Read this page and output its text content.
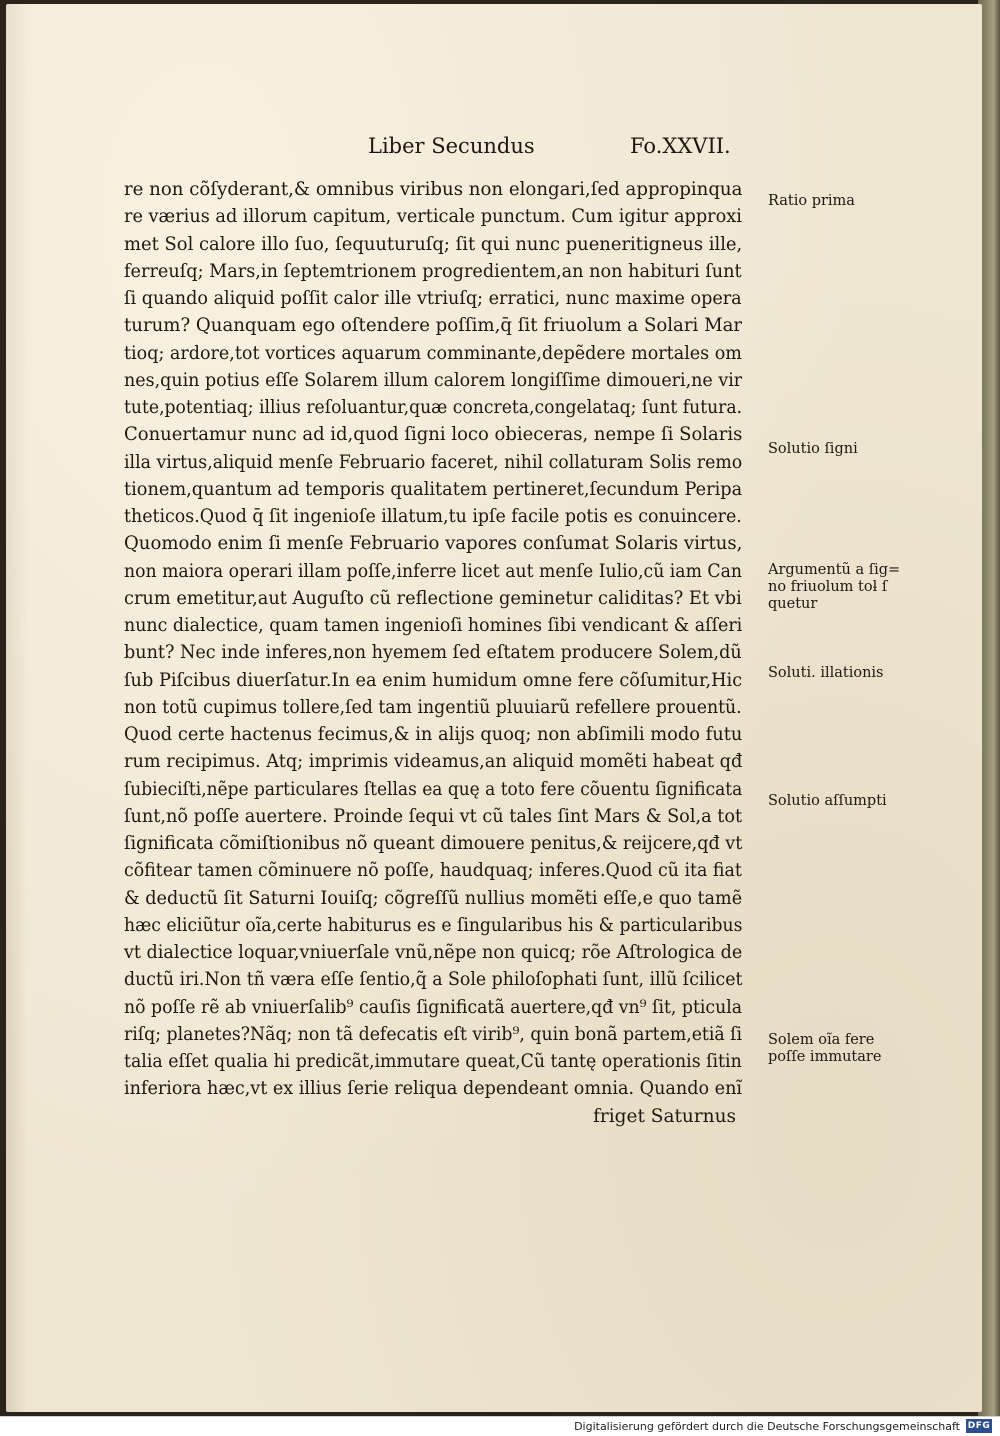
Liber Secundus	Fo.XXVII.
re non cõſyderant,& omnibus viribus non elongari,ſed appropinqua
re vӕrius ad illorum capitum, verticale punctum. Cum igitur approxi
met Sol calore illo ſuo, ſequuturuſq; ſit qui nunc pueneritigneus ille,
ferreuſq; Mars,in ſeptemtrionem progredientem,an non habituri ſunt
ſi quando aliquid poſſit calor ille vtriuſq; erratici, nunc maxime opera
turum? Quanquam ego oſtendere poſſim,q̄ ſit friuolum a Solari Mar
tioq; ardore,tot vortices aquarum comminante,depẽdere mortales om
nes,quin potius eſſe Solarem illum calorem longiſſime dimoueri,ne vir
tute,potentiaq; illius reſoluantur,quӕ concreta,congelataq; ſunt futura.
Conuertamur nunc ad id,quod ſigni loco obieceras, nempe ſi Solaris
illa virtus,aliquid menſe Februario faceret, nihil collaturam Solis remo
tionem,quantum ad temporis qualitatem pertineret,ſecundum Peripa
theticos.Quod q̄ ſit ingenioſe illatum,tu ipſe facile potis es conuincere.
Quomodo enim ſi menſe Februario vapores conſumat Solaris virtus,
non maiora operari illam poſſe,inferre licet aut menſe Iulio,cũ iam Can
crum emetitur,aut Auguſto cũ reflectione geminetur caliditas? Et vbi
nunc dialectice, quam tamen ingenioſi homines ſibi vendicant & aſſeri
bunt? Nec inde inferes,non hyemem ſed eſtatem producere Solem,dũ
ſub Piſcibus diuerſatur.In ea enim humidum omne fere cõſumitur,Hic
non totũ cupimus tollere,ſed tam ingentiũ pluuiarũ refellere prouentũ.
Quod certe hactenus fecimus,& in alijs quoq; non abſimili modo futu
rum recipimus. Atq; imprimis videamus,an aliquid momẽti habeat qđ
ſubieciſti,nẽpe particulares ſtellas ea quę a toto fere cõuentu ſignificata
ſunt,nõ poſſe auertere. Proinde ſequi vt cũ tales ſint Mars & Sol,a tot
ſignificata cõmiſtionibus nõ queant dimouere penitus,& reijcere,qđ vt
cõfitear tamen cõminuere nõ poſſe, haudquaq; inferes.Quod cũ ita fiat
& deductũ ſit Saturni Iouiſq; cõgreſſũ nullius momẽti eſſe,e quo tamẽ
hӕc eliciũtur oĩa,certe habiturus es e ſingularibus his & particularibus
vt dialectice loquar,vniuerſale vnũ,nẽpe non quicq; rõe Aſtrologica de
ductũ iri.Non tñ vӕra eſſe ſentio,q̃ a Sole philoſophati ſunt, illũ ſcilicet
nõ poſſe rẽ ab vniuerſalib⁹ cauſis ſignificatã auertere,qđ vn⁹ ſit, pticula
riſq; planetes?Nãq; non tã defecatis eſt virib⁹, quin bonã partem,etiã ſi
talia eſſet qualia hi predicãt,immutare queat,Cũ tantę operationis ſitin
inferiora hӕc,vt ex illius ſerie reliqua dependeant omnia. Quando enĩ
friget Saturnus
Ratio prima
Solutio ſigni
Argumentũ a ſig=
no friuolum toƚ ſ
quetur
Soluti. illationis
Solutio aſſumpti
Solem oĩa fere
poſſe immutare
Digitalisierung gefördert durch die Deutsche Forschungsgemeinschaft DFG
